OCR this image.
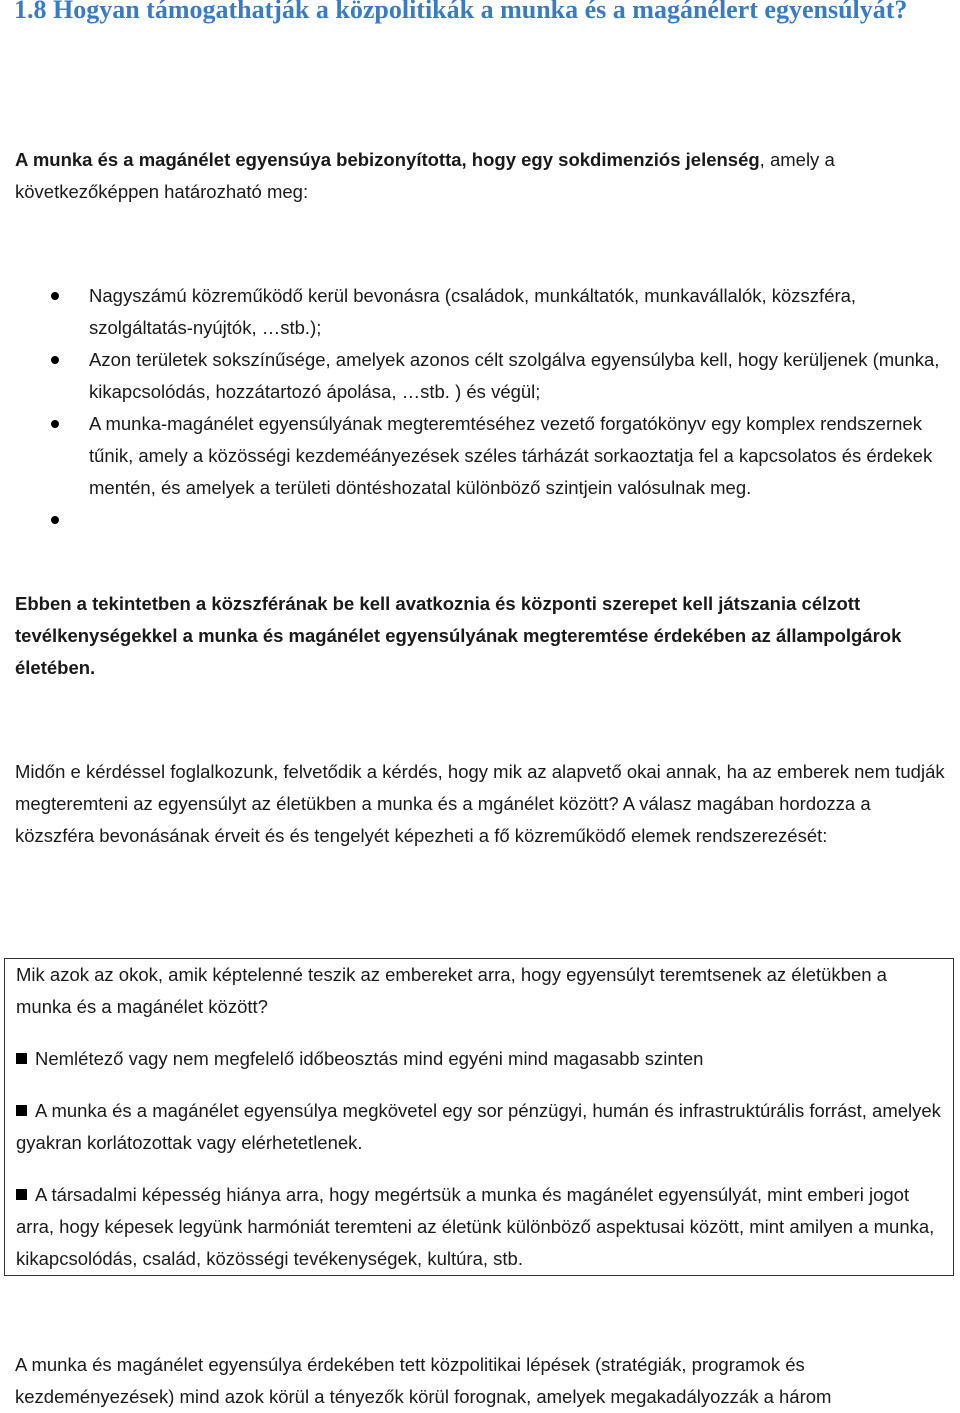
1.8 Hogyan támogathatják a közpolitikák a munka és a magánélert egyensúlyát?

A munka és a magánélet egyensúya bebizonyította, hogy egy sokdimenziós jelenség, amely a következőképpen határozható meg:

Nagyszámú közreműködő kerül bevonásra (családok, munkáltatók, munkavállalók, közszféra, szolgáltatás-nyújtók, …stb.);
Azon területek sokszínűsége, amelyek azonos célt szolgálva egyensúlyba kell, hogy kerüljenek (munka, kikapcsolódás, hozzátartozó ápolása, …stb. ) és végül;
A munka-magánélet egyensúlyának megteremtéséhez vezető forgatókönyv egy komplex rendszernek tűnik, amely a közösségi kezdeméányezések széles tárházát sorkaoztatja fel a kapcsolatos és érdekek mentén, és amelyek a területi döntéshozatal különböző szintjein valósulnak meg.

Ebben a tekintetben a közszférának be kell avatkoznia és központi szerepet kell játszania célzott tevélkenységekkel a munka és magánélet egyensúlyának megteremtése érdekében az állampolgárok életében.

Midőn e kérdéssel foglalkozunk, felvetődik a kérdés, hogy mik az alapvető okai annak, ha az emberek nem tudják megteremteni az egyensúlyt az életükben a munka és a mgánélet között? A válasz magában hordozza a közszféra bevonásának érveit és és tengelyét képezheti a fő közreműködő elemek rendszerezését:

Mik azok az okok, amik képtelenné teszik az embereket arra, hogy egyensúlyt teremtsenek az életükben a munka és a magánélet között?

Nemlétező vagy nem megfelelő időbeosztás mind egyéni mind magasabb szinten

A munka és a magánélet egyensúlya megkövetel egy sor pénzügyi, humán és infrastruktúrális forrást, amelyek gyakran korlátozottak vagy elérhetetlenek.

A társadalmi képesség hiánya arra, hogy megértsük a munka és magánélet egyensúlyát, mint emberi jogot arra, hogy képesek legyünk harmóniát teremteni az életünk különböző aspektusai között, mint amilyen a munka, kikapcsolódás, család, közösségi tevékenységek, kultúra, stb.

A munka és magánélet egyensúlya érdekében tett közpolitikai lépések (stratégiák, programok és kezdeményezések) mind azok körül a tényezők körül forognak, amelyek megakadályozzák a három
